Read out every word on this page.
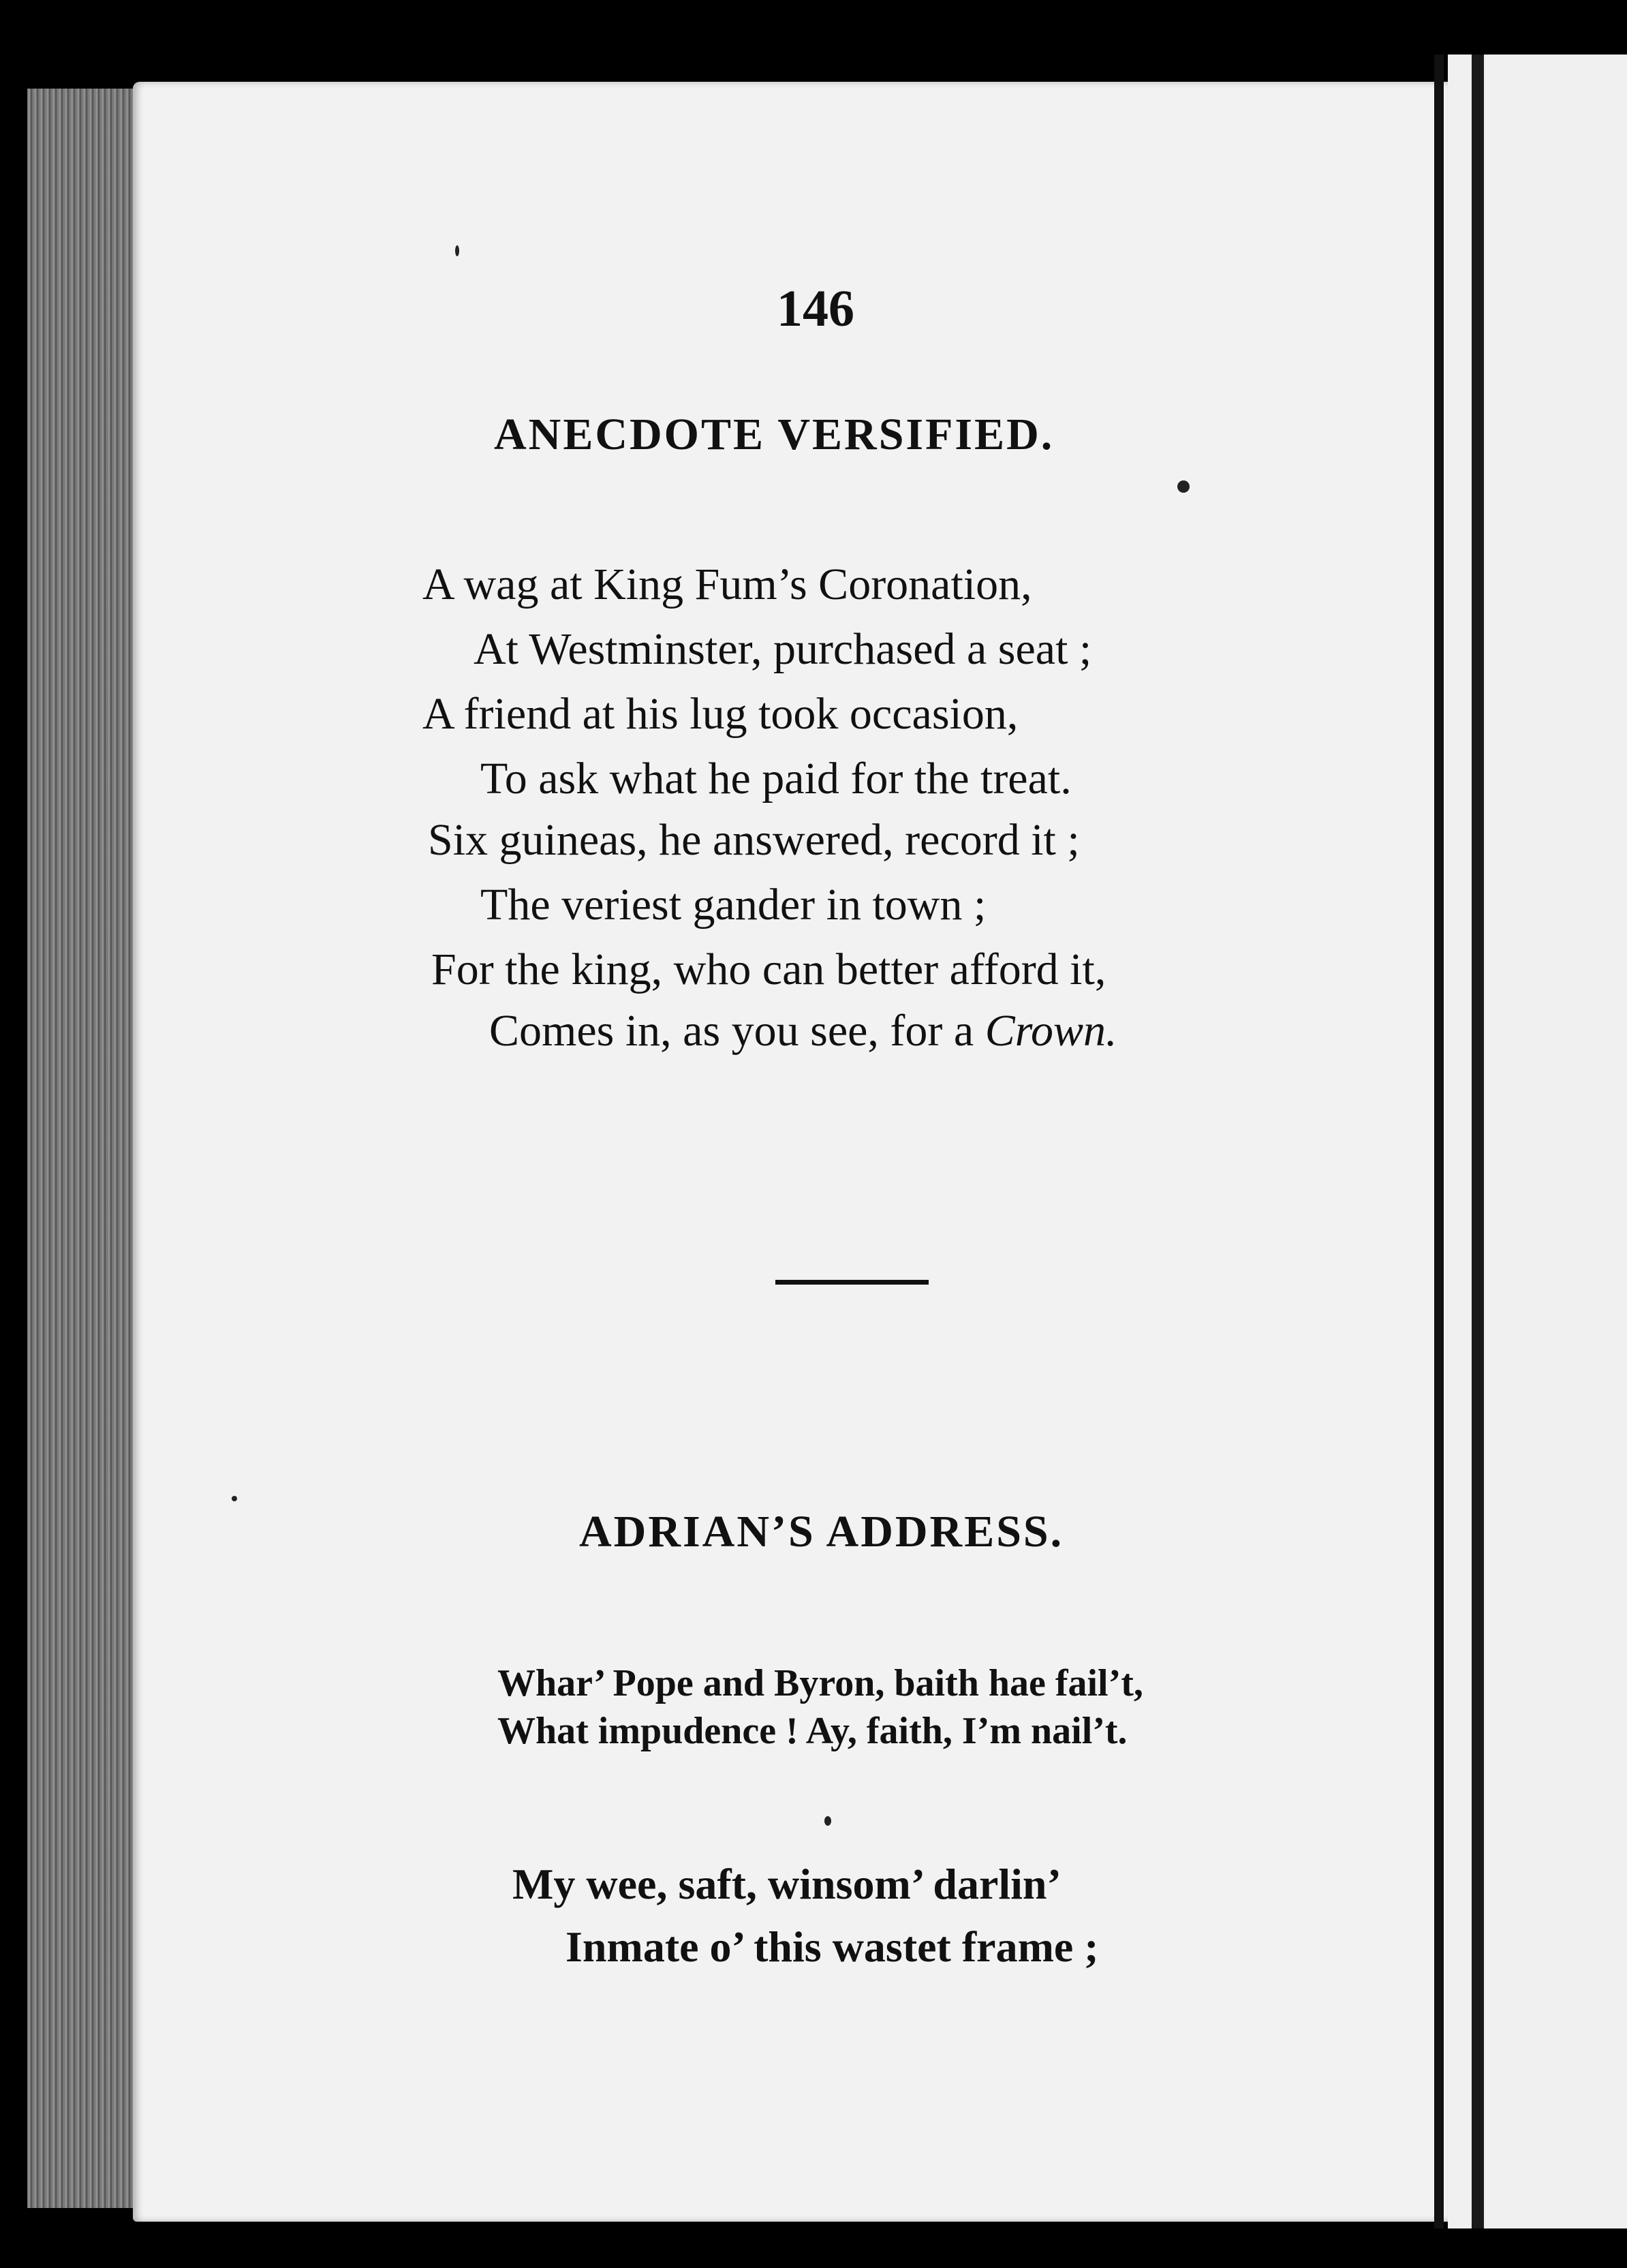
146

ANECDOTE VERSIFIED.

A wag at King Fum’s Coronation,

At Westminster, purchased a seat ;

A friend at his lug took occasion,

To ask what he paid for the treat.

Six guineas, he answered, record it ;

The veriest gander in town ;

For the king, who can better afford it,

Comes in, as you see, for a Crown.

ADRIAN’S ADDRESS.

Whar’ Pope and Byron, baith hae fail’t,

What impudence ! Ay, faith, I’m nail’t.

My wee, saft, winsom’ darlin’

Inmate o’ this wastet frame ;
